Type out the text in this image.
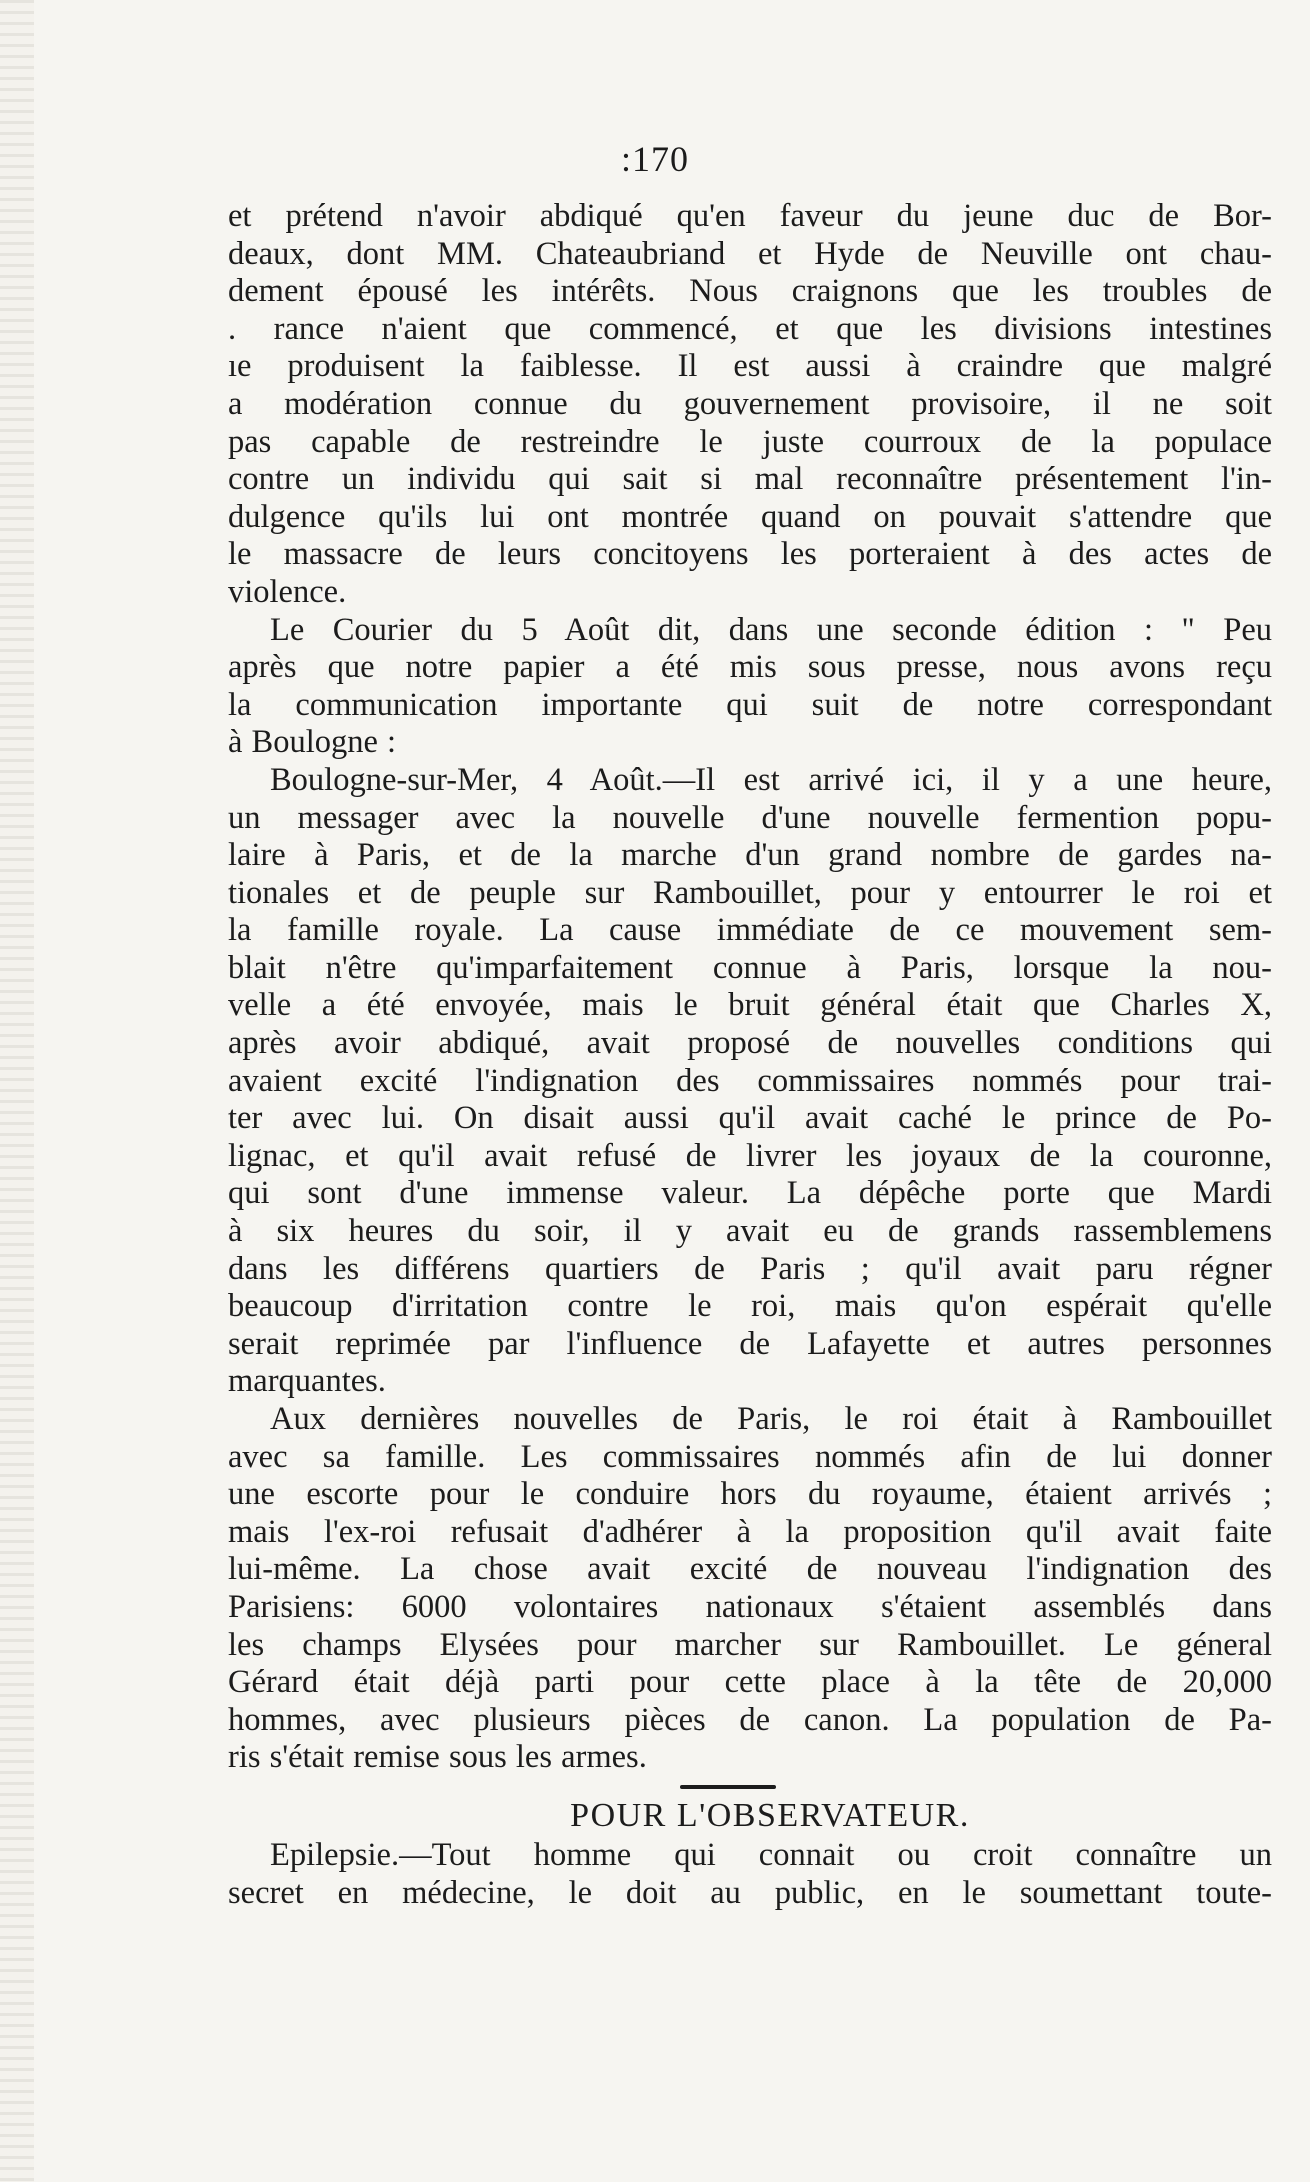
:170
et prétend n'avoir abdiqué qu'en faveur du jeune duc de Bor-
deaux, dont MM. Chateaubriand et Hyde de Neuville ont chau-
dement épousé les intérêts. Nous craignons que les troubles de
. rance n'aient que commencé, et que les divisions intestines
ıe produisent la faiblesse. Il est aussi à craindre que malgré
a modération connue du gouvernement provisoire, il ne soit
pas capable de restreindre le juste courroux de la populace
contre un individu qui sait si mal reconnaître présentement l'in-
dulgence qu'ils lui ont montrée quand on pouvait s'attendre que
le massacre de leurs concitoyens les porteraient à des actes de
violence.
Le Courier du 5 Août dit, dans une seconde édition : " Peu
après que notre papier a été mis sous presse, nous avons reçu
la communication importante qui suit de notre correspondant
à Boulogne :
Boulogne-sur-Mer, 4 Août.—Il est arrivé ici, il y a une heure,
un messager avec la nouvelle d'une nouvelle fermention popu-
laire à Paris, et de la marche d'un grand nombre de gardes na-
tionales et de peuple sur Rambouillet, pour y entourrer le roi et
la famille royale. La cause immédiate de ce mouvement sem-
blait n'être qu'imparfaitement connue à Paris, lorsque la nou-
velle a été envoyée, mais le bruit général était que Charles X,
après avoir abdiqué, avait proposé de nouvelles conditions qui
avaient excité l'indignation des commissaires nommés pour trai-
ter avec lui. On disait aussi qu'il avait caché le prince de Po-
lignac, et qu'il avait refusé de livrer les joyaux de la couronne,
qui sont d'une immense valeur. La dépêche porte que Mardi
à six heures du soir, il y avait eu de grands rassemblemens
dans les différens quartiers de Paris ; qu'il avait paru régner
beaucoup d'irritation contre le roi, mais qu'on espérait qu'elle
serait reprimée par l'influence de Lafayette et autres personnes
marquantes.
Aux dernières nouvelles de Paris, le roi était à Rambouillet
avec sa famille. Les commissaires nommés afin de lui donner
une escorte pour le conduire hors du royaume, étaient arrivés ;
mais l'ex-roi refusait d'adhérer à la proposition qu'il avait faite
lui-même. La chose avait excité de nouveau l'indignation des
Parisiens: 6000 volontaires nationaux s'étaient assemblés dans
les champs Elysées pour marcher sur Rambouillet. Le géneral
Gérard était déjà parti pour cette place à la tête de 20,000
hommes, avec plusieurs pièces de canon. La population de Pa-
ris s'était remise sous les armes.
POUR L'OBSERVATEUR.
Epilepsie.—Tout homme qui connait ou croit connaître un
secret en médecine, le doit au public, en le soumettant toute-
